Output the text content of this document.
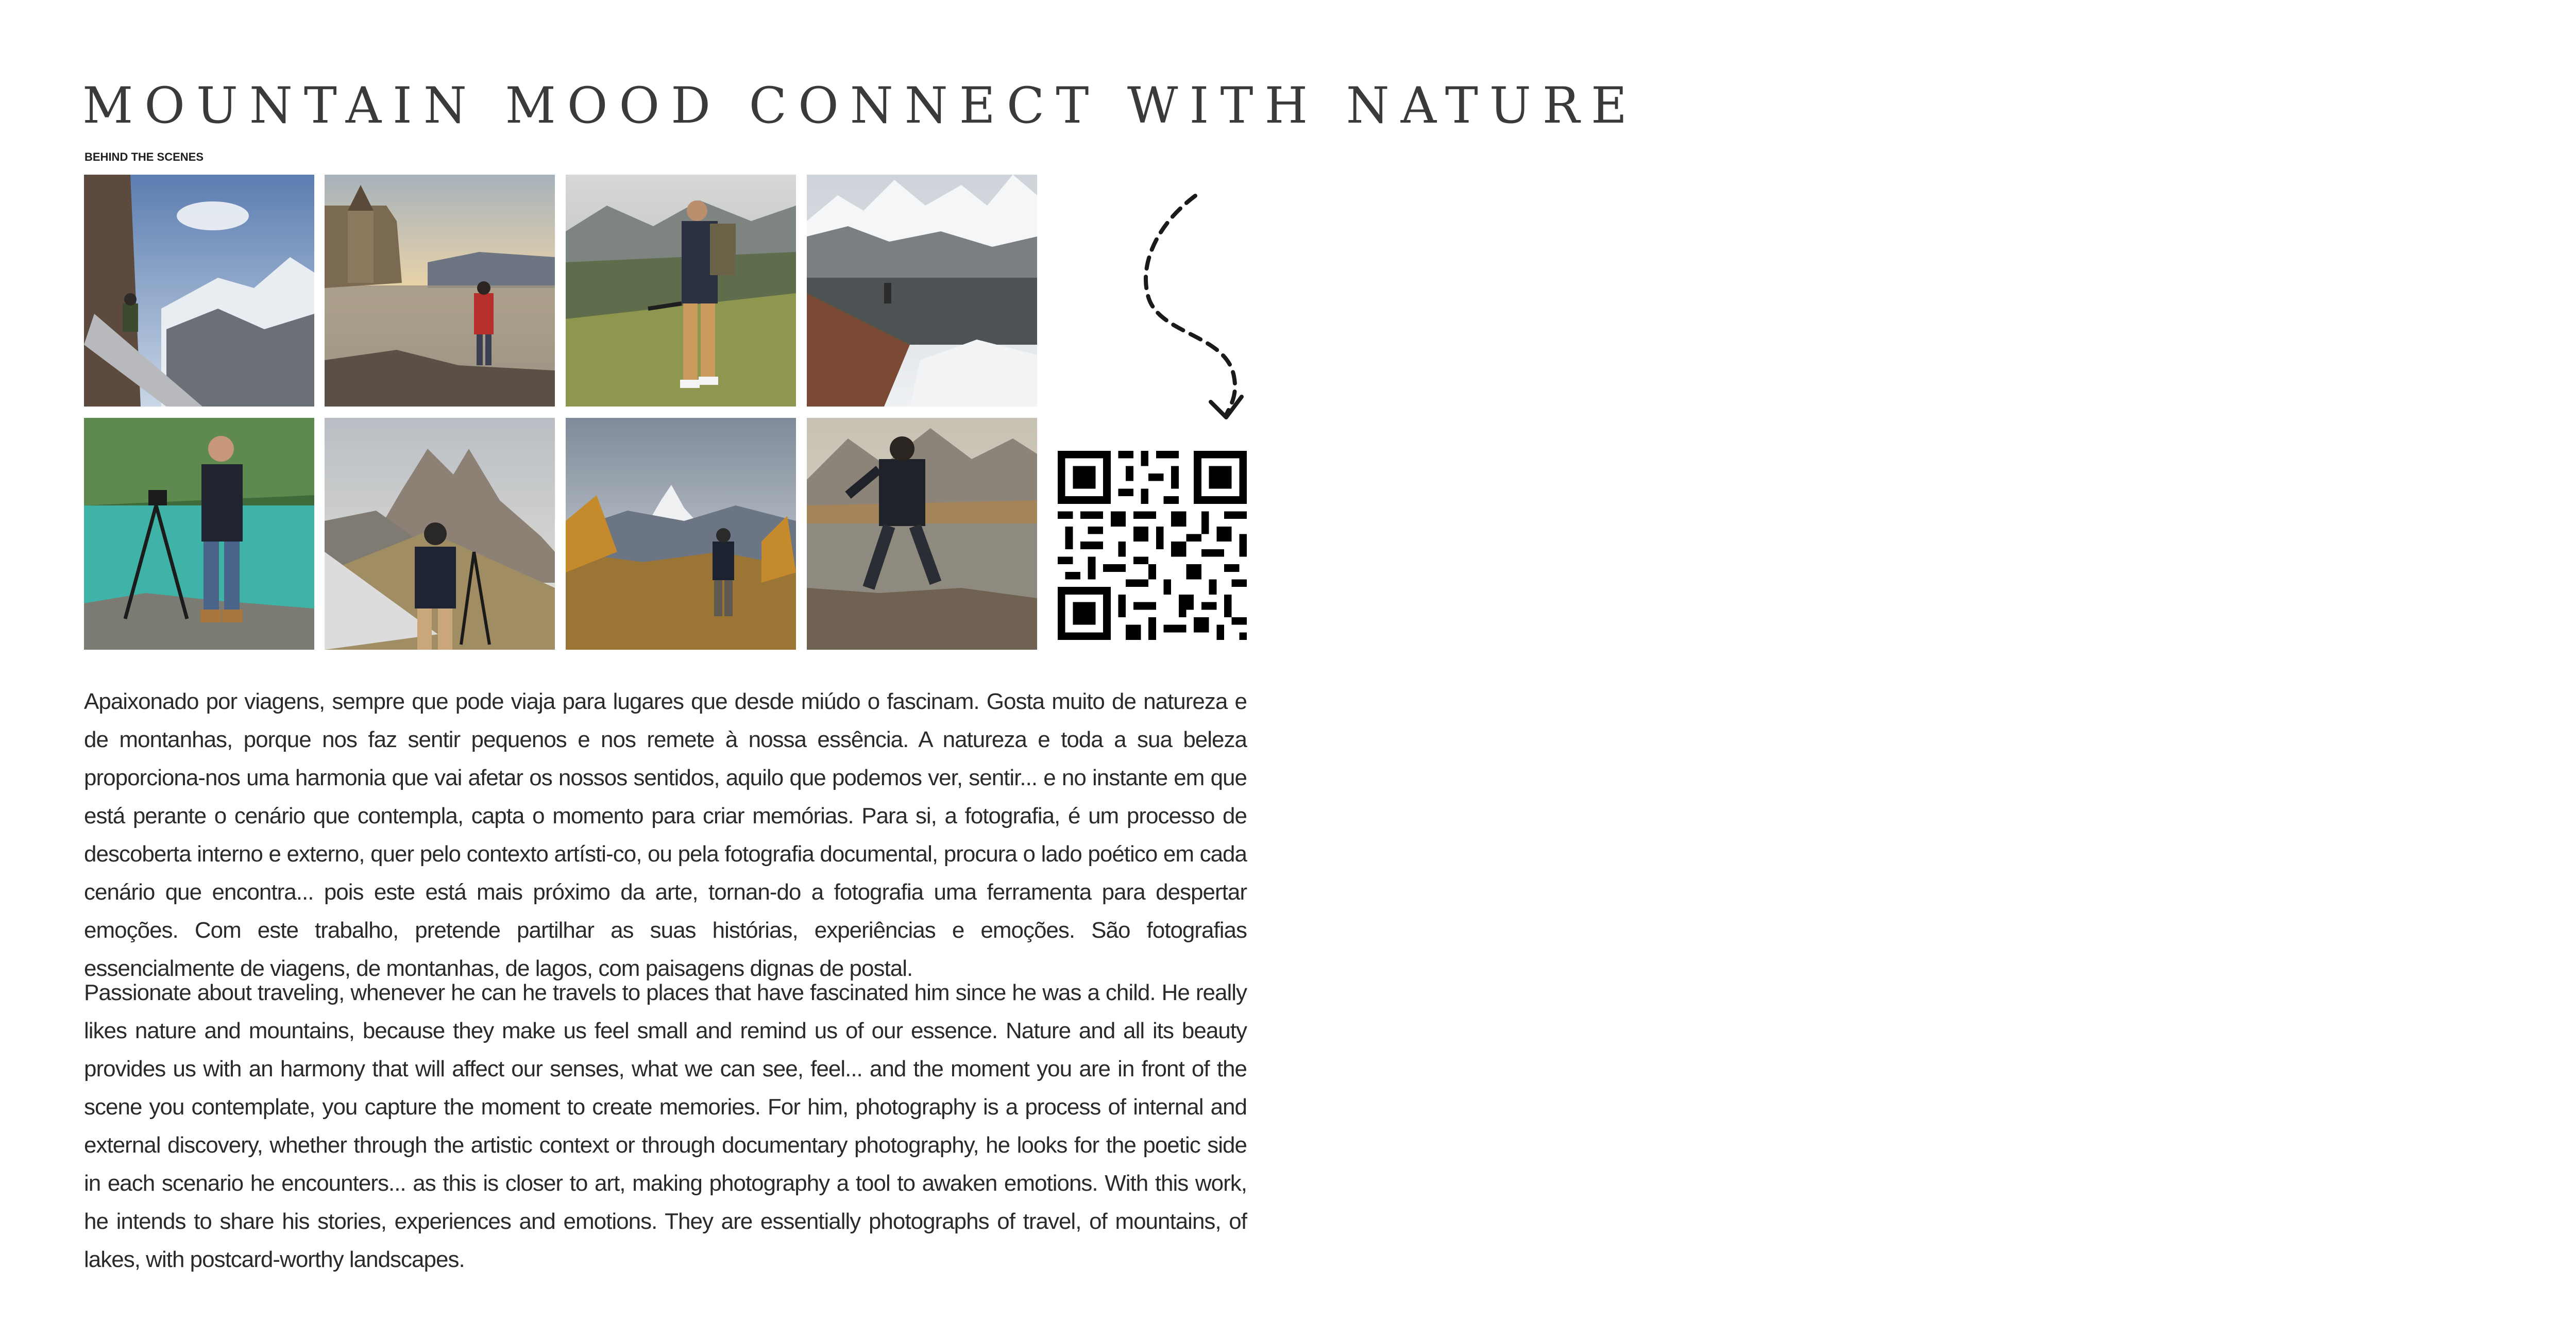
MOUNTAIN MOOD CONNECT WITH NATURE
BEHIND THE SCENES

Apaixonado por viagens, sempre que pode viaja para lugares que desde miúdo o fascinam. Gosta muito de natureza e de montanhas, porque nos faz sentir pequenos e nos remete à nossa essência. A natureza e toda a sua beleza proporciona-nos uma harmonia que vai afetar os nossos sentidos, aquilo que podemos ver, sentir... e no instante em que está perante o cenário que contempla, capta o momento para criar memórias. Para si, a fotografia, é um processo de descoberta interno e externo, quer pelo contexto artísti-co, ou pela fotografia documental, procura o lado poético em cada cenário que encontra... pois este está mais próximo da arte, tornan-do a fotografia uma ferramenta para despertar emoções. Com este trabalho, pretende partilhar as suas histórias, experiências e emoções. São fotografias essencialmente de viagens, de montanhas, de lagos, com paisagens dignas de postal.

Passionate about traveling, whenever he can he travels to places that have fascinated him since he was a child. He really likes nature and mountains, because they make us feel small and remind us of our essence. Nature and all its beauty provides us with an harmony that will affect our senses, what we can see, feel... and the moment you are in front of the scene you contemplate, you capture the moment to create memories. For him, photography is a process of internal and external discovery, whether through the artistic context or through documentary photography, he looks for the poetic side in each scenario he encounters... as this is closer to art, making photography a tool to awaken emotions. With this work, he intends to share his stories, experiences and emotions. They are essentially photographs of travel, of mountains, of lakes, with postcard-worthy landscapes.
